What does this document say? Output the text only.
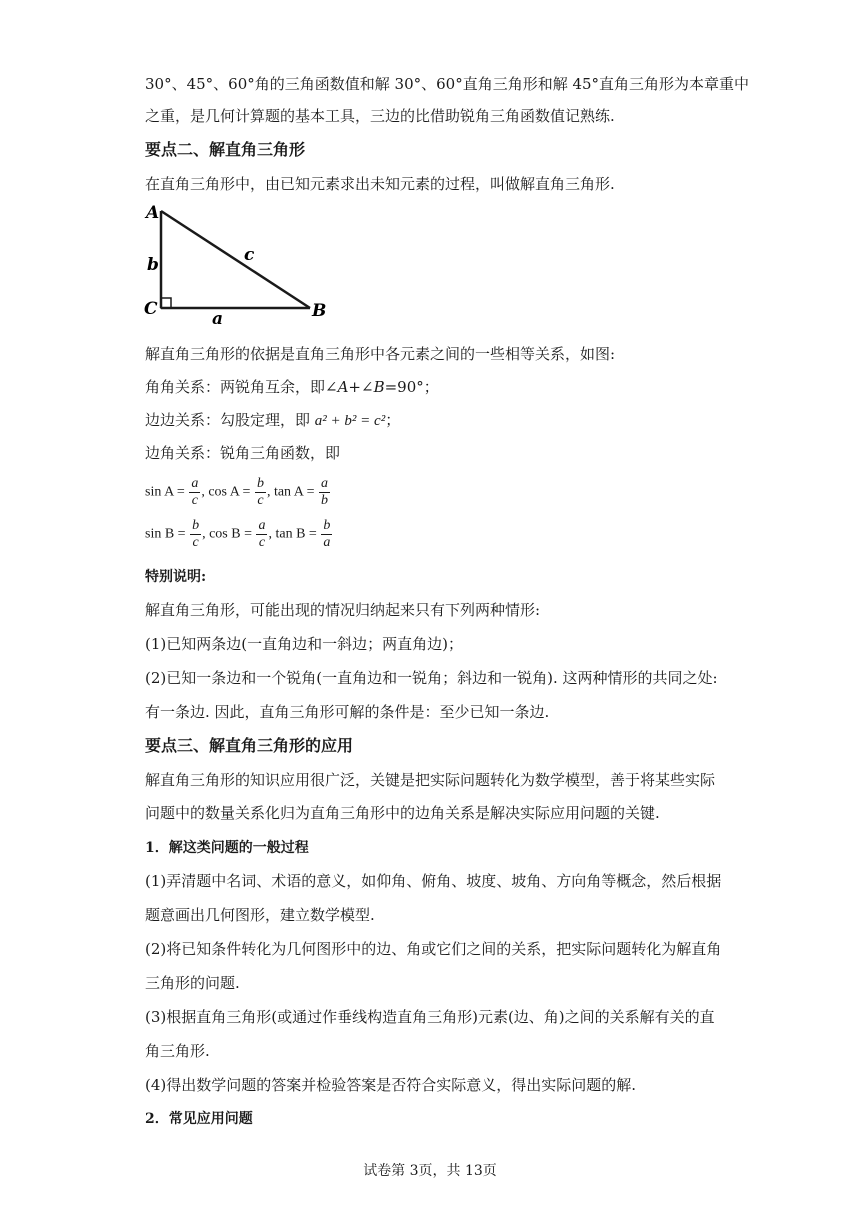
30°、45°、60°角的三角函数值和解 30°、60°直角三角形和解 45°直角三角形为本章重中
之重，是几何计算题的基本工具，三边的比借助锐角三角函数值记熟练.
要点二、解直角三角形
在直角三角形中，由已知元素求出未知元素的过程，叫做解直角三角形.
A
C	B
b	c
a
解直角三角形的依据是直角三角形中各元素之间的一些相等关系，如图:
角角关系：两锐角互余，即∠A+∠B=90°；
边边关系：勾股定理，即 a² + b² = c²；
边角关系：锐角三角函数，即
$\sin A = \frac{a}{c}$ , $\cos A = \frac{b}{c}$ , $\tan A = \frac{a}{b}$
$\sin B = \frac{b}{c}$ , $\cos B = \frac{a}{c}$ , $\tan B = \frac{b}{a}$
特别说明:
解直角三角形，可能出现的情况归纳起来只有下列两种情形:
(1)已知两条边(一直角边和一斜边；两直角边)；
(2)已知一条边和一个锐角(一直角边和一锐角；斜边和一锐角). 这两种情形的共同之处:
有一条边. 因此，直角三角形可解的条件是：至少已知一条边.
要点三、解直角三角形的应用
解直角三角形的知识应用很广泛，关键是把实际问题转化为数学模型，善于将某些实际
问题中的数量关系化归为直角三角形中的边角关系是解决实际应用问题的关键.
1．解这类问题的一般过程
(1)弄清题中名词、术语的意义，如仰角、俯角、坡度、坡角、方向角等概念，然后根据
题意画出几何图形，建立数学模型.
(2)将已知条件转化为几何图形中的边、角或它们之间的关系，把实际问题转化为解直角
三角形的问题.
(3)根据直角三角形(或通过作垂线构造直角三角形)元素(边、角)之间的关系解有关的直
角三角形.
(4)得出数学问题的答案并检验答案是否符合实际意义，得出实际问题的解.
2．常见应用问题
试卷第 3页，共 13页
